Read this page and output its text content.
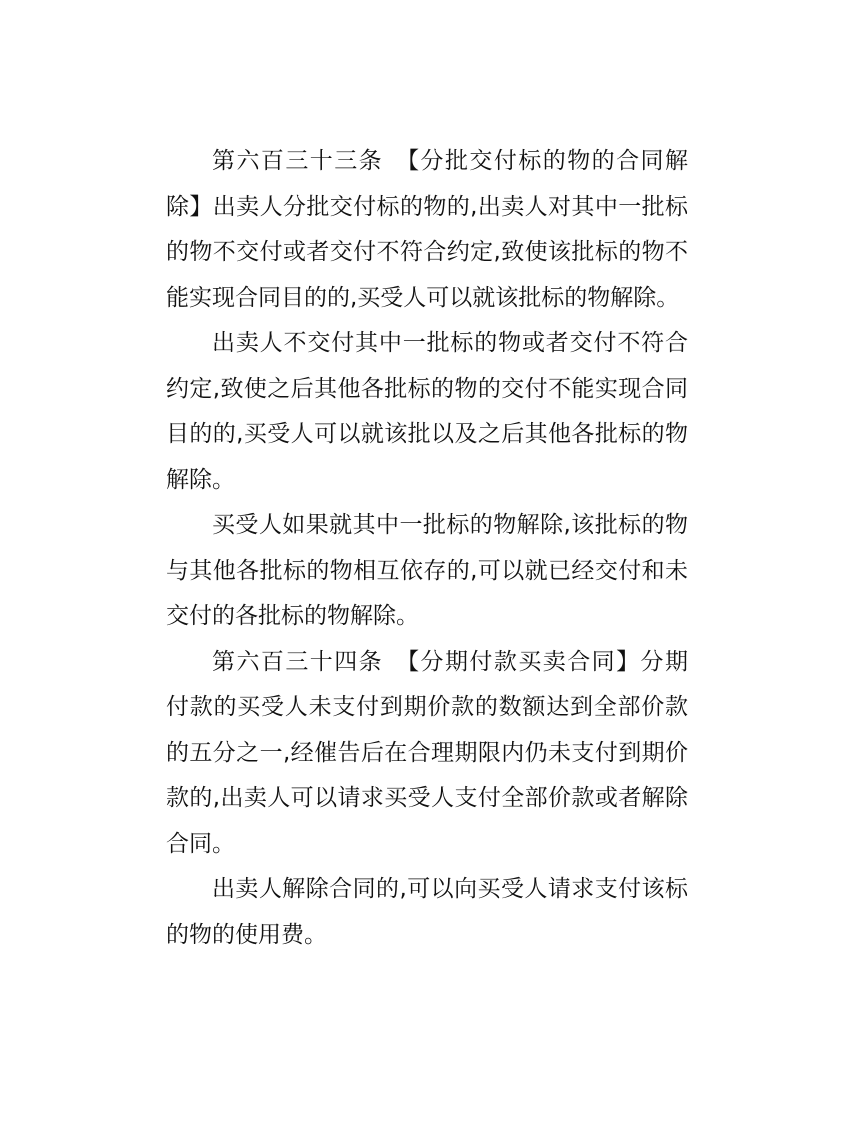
第六百三十三条　【分批交付标的物的合同解
除】出卖人分批交付标的物的,出卖人对其中一批标
的物不交付或者交付不符合约定,致使该批标的物不
能实现合同目的的,买受人可以就该批标的物解除。
出卖人不交付其中一批标的物或者交付不符合
约定,致使之后其他各批标的物的交付不能实现合同
目的的,买受人可以就该批以及之后其他各批标的物
解除。
买受人如果就其中一批标的物解除,该批标的物
与其他各批标的物相互依存的,可以就已经交付和未
交付的各批标的物解除。
第六百三十四条　【分期付款买卖合同】分期
付款的买受人未支付到期价款的数额达到全部价款
的五分之一,经催告后在合理期限内仍未支付到期价
款的,出卖人可以请求买受人支付全部价款或者解除
合同。
出卖人解除合同的,可以向买受人请求支付该标
的物的使用费。
